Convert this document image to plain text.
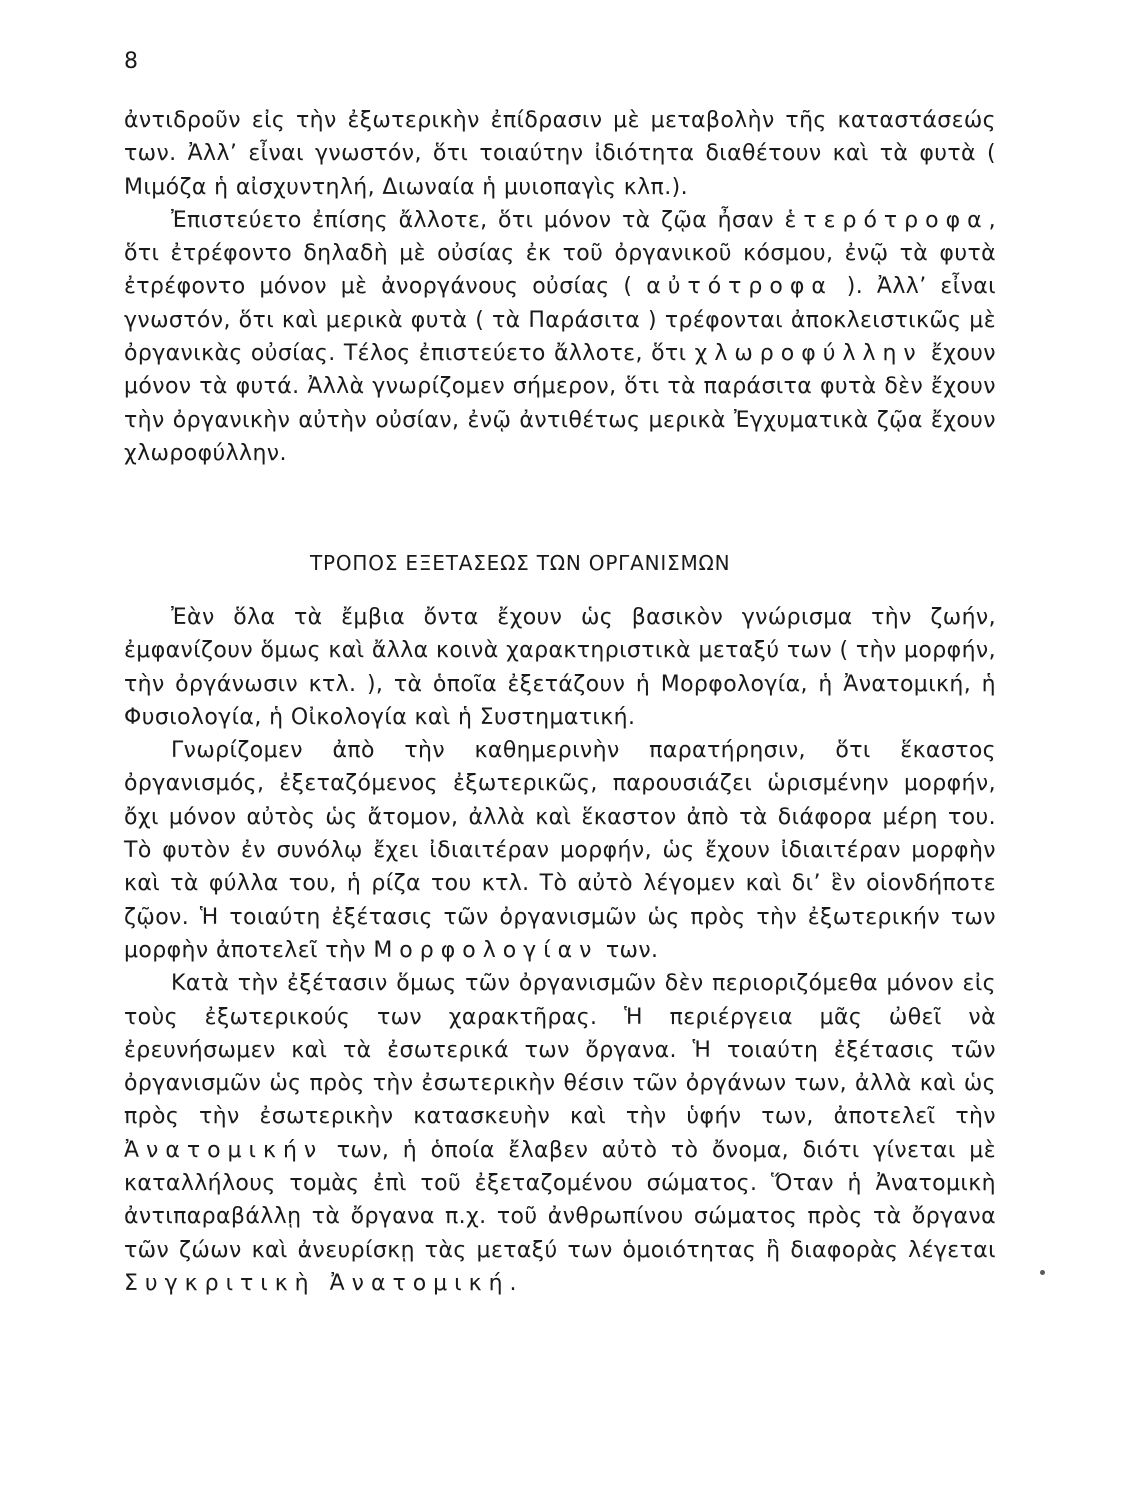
8

ἀντιδροῦν εἰς τὴν ἐξωτερικὴν ἐπίδρασιν μὲ μεταβολὴν τῆς καταστάσεώς των. Ἀλλ’ εἶναι γνωστόν, ὅτι τοιαύτην ἰδιότητα διαθέτουν καὶ τὰ φυτὰ ( Μιμόζα ἡ αἰσχυντηλή, Διωναία ἡ μυιοπαγὶς κλπ.).

Ἐπιστεύετο ἐπίσης ἄλλοτε, ὅτι μόνον τὰ ζῷα ἦσαν ἑτερότροφα, ὅτι ἐτρέφοντο δηλαδὴ μὲ οὐσίας ἐκ τοῦ ὀργανικοῦ κόσμου, ἐνῷ τὰ φυτὰ ἐτρέφοντο μόνον μὲ ἀνοργάνους οὐσίας ( αὐτότροφα ). Ἀλλ’ εἶναι γνωστόν, ὅτι καὶ μερικὰ φυτὰ ( τὰ Παράσιτα ) τρέφονται ἀποκλειστικῶς μὲ ὀργανικὰς οὐσίας. Τέλος ἐπιστεύετο ἄλλοτε, ὅτι χλωροφύλλην ἔχουν μόνον τὰ φυτά. Ἀλλὰ γνωρίζομεν σήμερον, ὅτι τὰ παράσιτα φυτὰ δὲν ἔχουν τὴν ὀργανικὴν αὐτὴν οὐσίαν, ἐνῷ ἀντιθέτως μερικὰ Ἐγχυματικὰ ζῷα ἔχουν χλωροφύλλην.

ΤΡΟΠΟΣ ΕΞΕΤΑΣΕΩΣ ΤΩΝ ΟΡΓΑΝΙΣΜΩΝ

Ἐὰν ὅλα τὰ ἔμβια ὄντα ἔχουν ὡς βασικὸν γνώρισμα τὴν ζωήν, ἐμφανίζουν ὅμως καὶ ἄλλα κοινὰ χαρακτηριστικὰ μεταξύ των ( τὴν μορφήν, τὴν ὀργάνωσιν κτλ. ), τὰ ὁποῖα ἐξετάζουν ἡ Μορφολογία, ἡ Ἀνατομική, ἡ Φυσιολογία, ἡ Οἰκολογία καὶ ἡ Συστηματική.

Γνωρίζομεν ἀπὸ τὴν καθημερινὴν παρατήρησιν, ὅτι ἕκαστος ὀργανισμός, ἐξεταζόμενος ἐξωτερικῶς, παρουσιάζει ὡρισμένην μορφήν, ὄχι μόνον αὐτὸς ὡς ἄτομον, ἀλλὰ καὶ ἕκαστον ἀπὸ τὰ διάφορα μέρη του. Τὸ φυτὸν ἐν συνόλῳ ἔχει ἰδιαιτέραν μορφήν, ὡς ἔχουν ἰδιαιτέραν μορφὴν καὶ τὰ φύλλα του, ἡ ρίζα του κτλ. Τὸ αὐτὸ λέγομεν καὶ δι’ ἓν οἱονδήποτε ζῷον. Ἡ τοιαύτη ἐξέτασις τῶν ὀργανισμῶν ὡς πρὸς τὴν ἐξωτερικήν των μορφὴν ἀποτελεῖ τὴν Μορφολογίαν των.

Κατὰ τὴν ἐξέτασιν ὅμως τῶν ὀργανισμῶν δὲν περιοριζόμεθα μόνον εἰς τοὺς ἐξωτερικούς των χαρακτῆρας. Ἡ περιέργεια μᾶς ὠθεῖ νὰ ἐρευνήσωμεν καὶ τὰ ἐσωτερικά των ὄργανα. Ἡ τοιαύτη ἐξέτασις τῶν ὀργανισμῶν ὡς πρὸς τὴν ἐσωτερικὴν θέσιν τῶν ὀργάνων των, ἀλλὰ καὶ ὡς πρὸς τὴν ἐσωτερικὴν κατασκευὴν καὶ τὴν ὑφήν των, ἀποτελεῖ τὴν Ἀνατομικήν των, ἡ ὁποία ἔλαβεν αὐτὸ τὸ ὄνομα, διότι γίνεται μὲ καταλλήλους τομὰς ἐπὶ τοῦ ἐξεταζομένου σώματος. Ὅταν ἡ Ἀνατομικὴ ἀντιπαραβάλλῃ τὰ ὄργανα π.χ. τοῦ ἀνθρωπίνου σώματος πρὸς τὰ ὄργανα τῶν ζώων καὶ ἀνευρίσκῃ τὰς μεταξύ των ὁμοιότητας ἢ διαφορὰς λέγεται Συγκριτικὴ Ἀνατομική.
